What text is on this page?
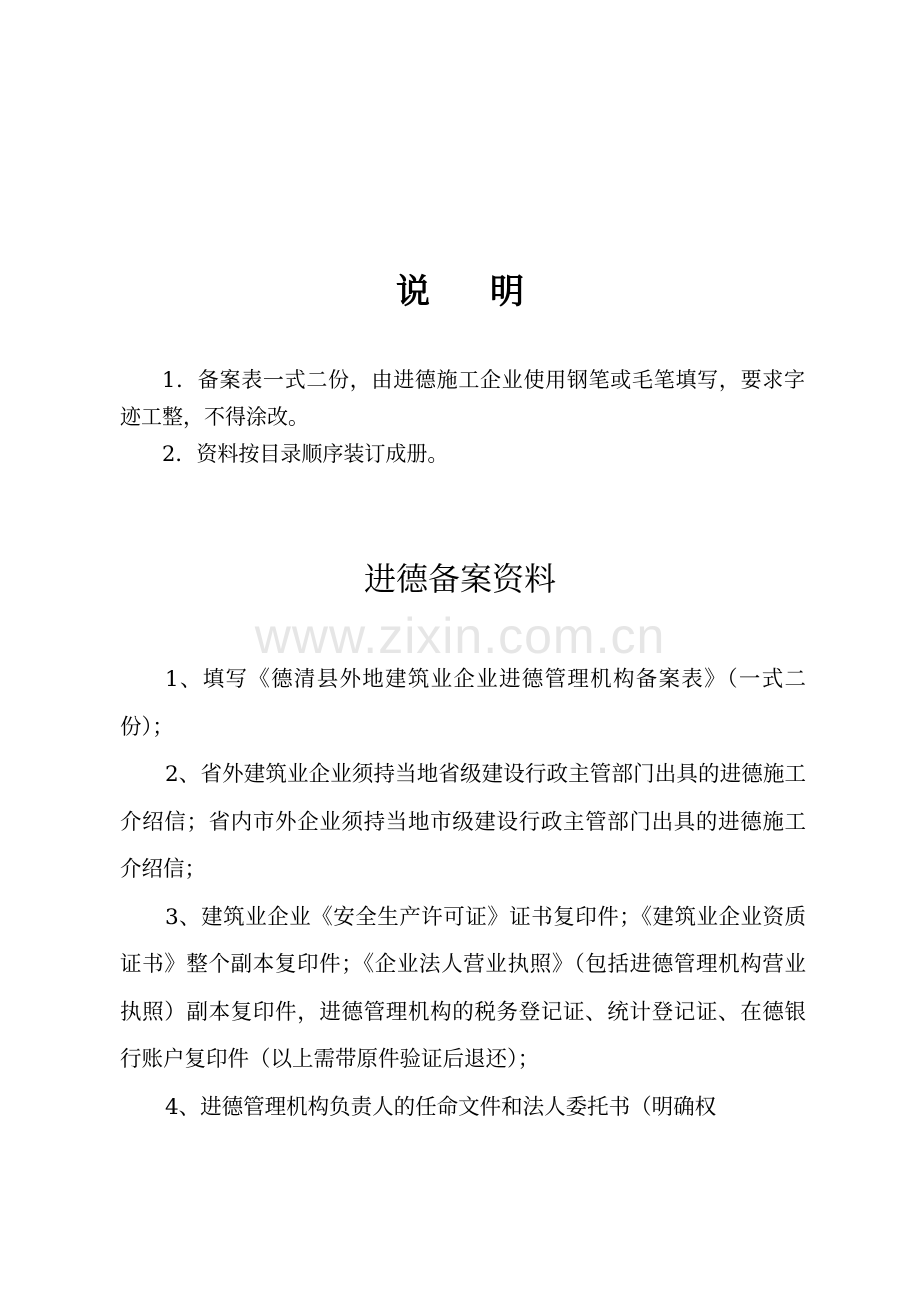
说明

1．备案表一式二份，由进德施工企业使用钢笔或毛笔填写，要求字迹工整，不得涂改。

2．资料按目录顺序装订成册。

进德备案资料
www.zixin.com.cn

1、填写《德清县外地建筑业企业进德管理机构备案表》（一式二份）；

2、省外建筑业企业须持当地省级建设行政主管部门出具的进德施工介绍信；省内市外企业须持当地市级建设行政主管部门出具的进德施工介绍信；

3、建筑业企业《安全生产许可证》证书复印件；《建筑业企业资质证书》整个副本复印件；《企业法人营业执照》（包括进德管理机构营业执照）副本复印件，进德管理机构的税务登记证、统计登记证、在德银行账户复印件（以上需带原件验证后退还）；

4、进德管理机构负责人的任命文件和法人委托书（明确权
